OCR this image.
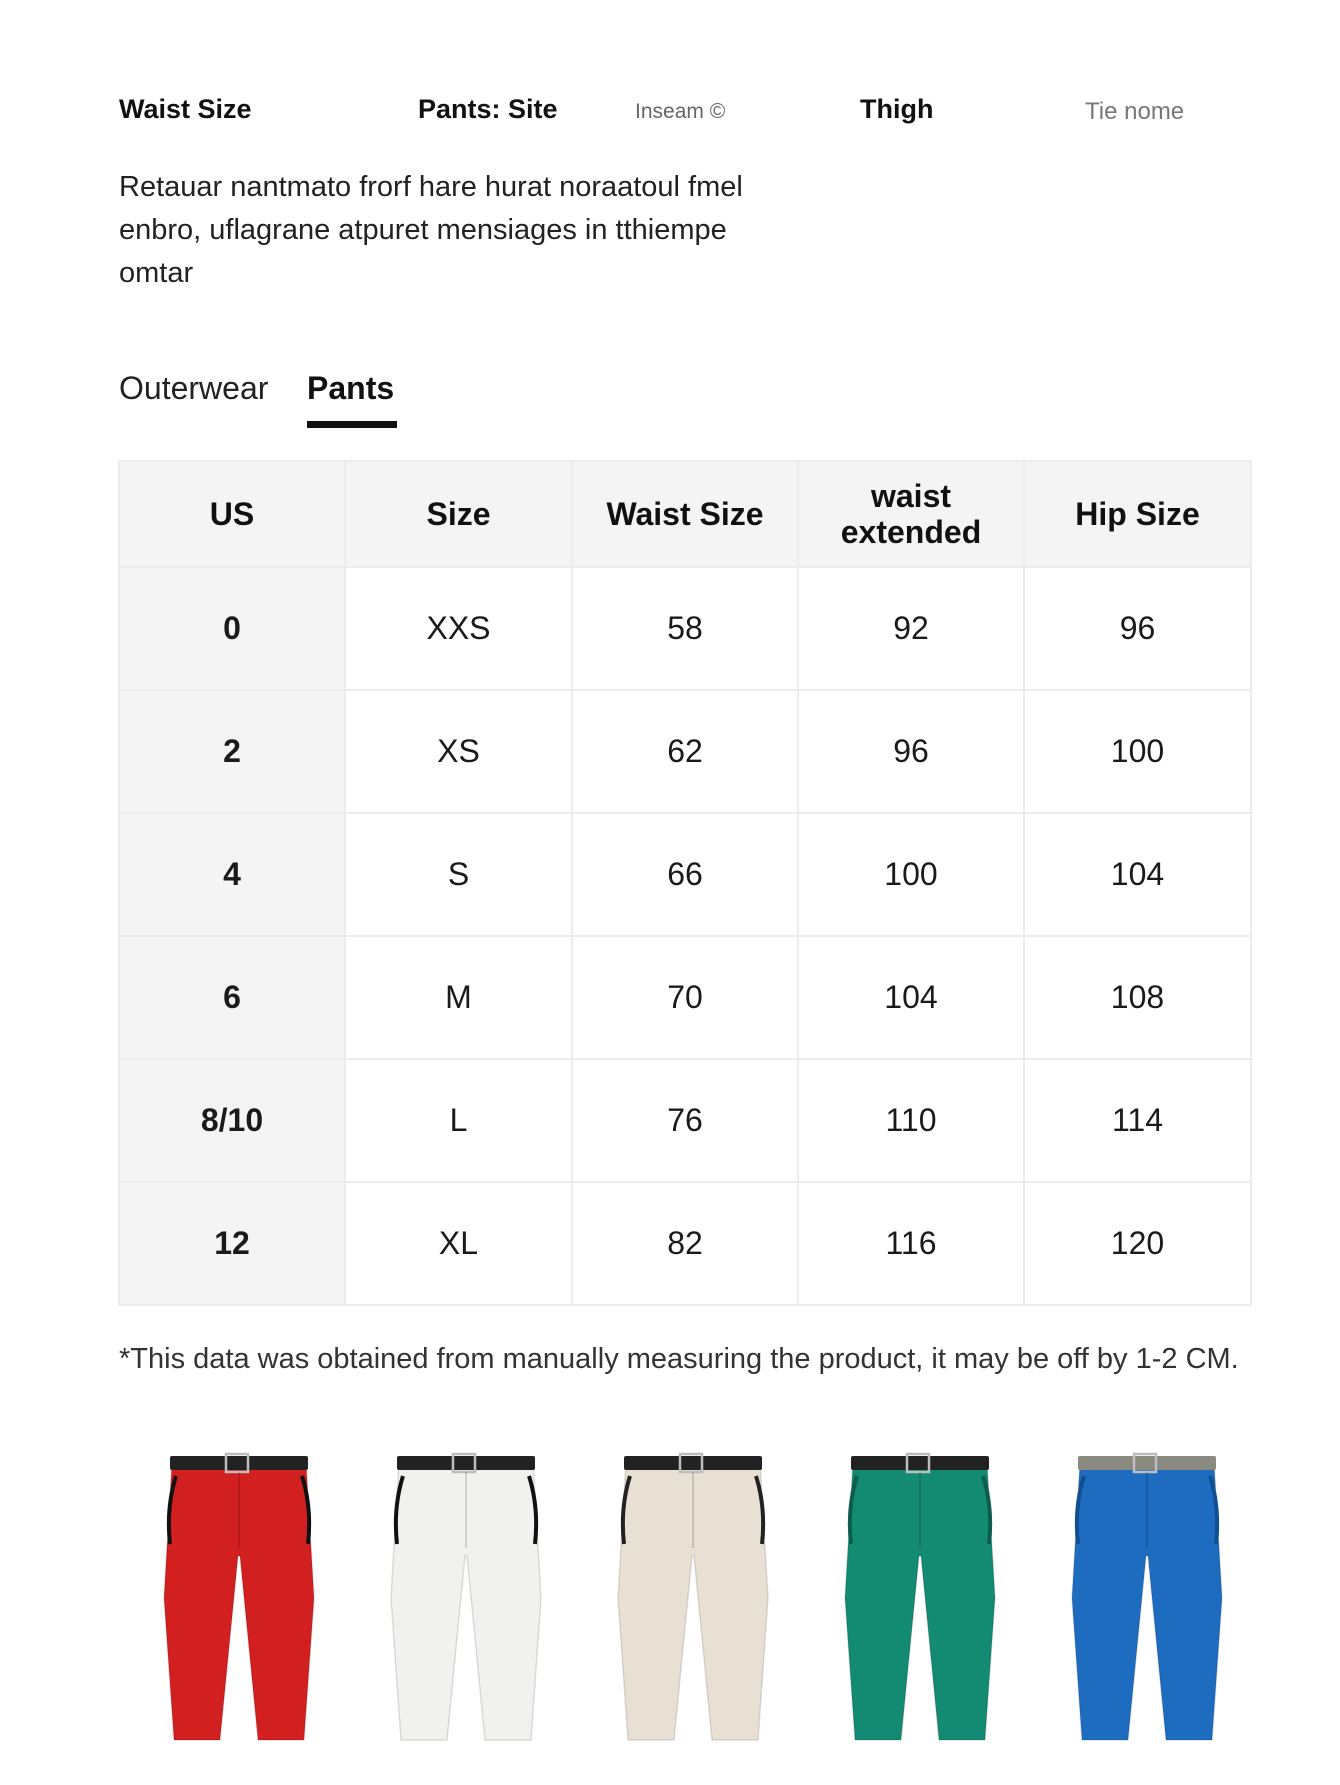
Waist Size	Pants: Site	Inseam ©	Thigh	Tie nome
Retauar nantmato frorf hare hurat noraatoul fmel enbro, uflagrane atpuret mensiages in tthiempe omtar
Outerwear Pants
US	Size	Waist Size	waist extended	Hip Size
0	XXS	58	92	96
2	XS	62	96	100
4	S	66	100	104
6	M	70	104	108
8/10	L	76	110	114
12	XL	82	116	120
*This data was obtained from manually measuring the product, it may be off by 1-2 CM.
